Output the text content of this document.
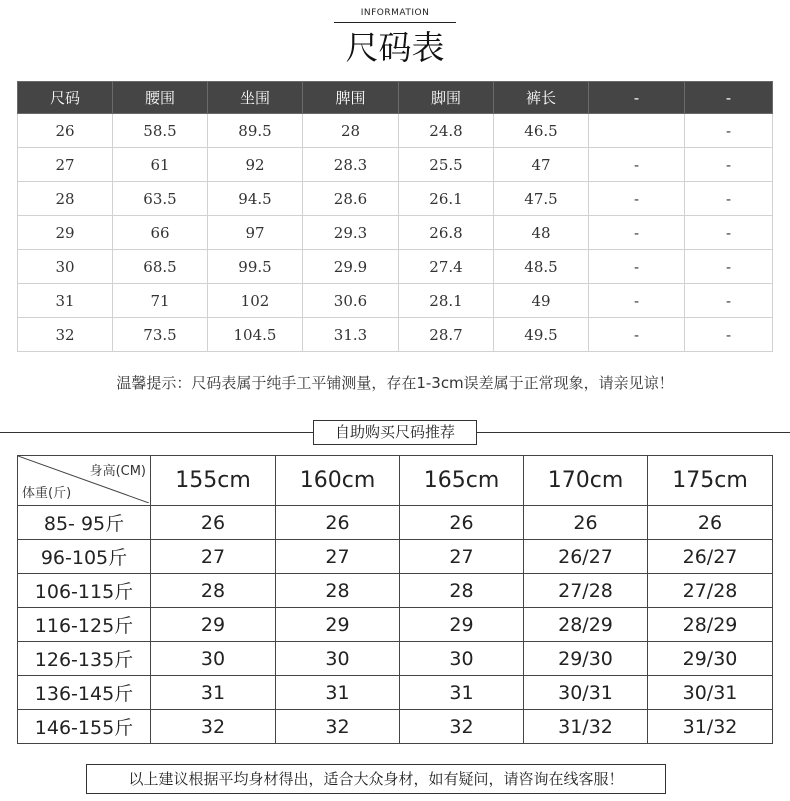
INFORMATION
尺码表
尺码	腰围	坐围	脾围	脚围	裤长	-	-
26	58.5	89.5	28	24.8	46.5		-
27	61	92	28.3	25.5	47	-	-
28	63.5	94.5	28.6	26.1	47.5	-	-
29	66	97	29.3	26.8	48	-	-
30	68.5	99.5	29.9	27.4	48.5	-	-
31	71	102	30.6	28.1	49	-	-
32	73.5	104.5	31.3	28.7	49.5	-	-
温馨提示：尺码表属于纯手工平铺测量，存在1-3cm误差属于正常现象，请亲见谅！
自助购买尺码推荐
身高(CM)
体重(斤)	155cm	160cm	165cm	170cm	175cm
85- 95斤	26	26	26	26	26
96-105斤	27	27	27	26/27	26/27
106-115斤	28	28	28	27/28	27/28
116-125斤	29	29	29	28/29	28/29
126-135斤	30	30	30	29/30	29/30
136-145斤	31	31	31	30/31	30/31
146-155斤	32	32	32	31/32	31/32
以上建议根据平均身材得出，适合大众身材，如有疑问，请咨询在线客服！
